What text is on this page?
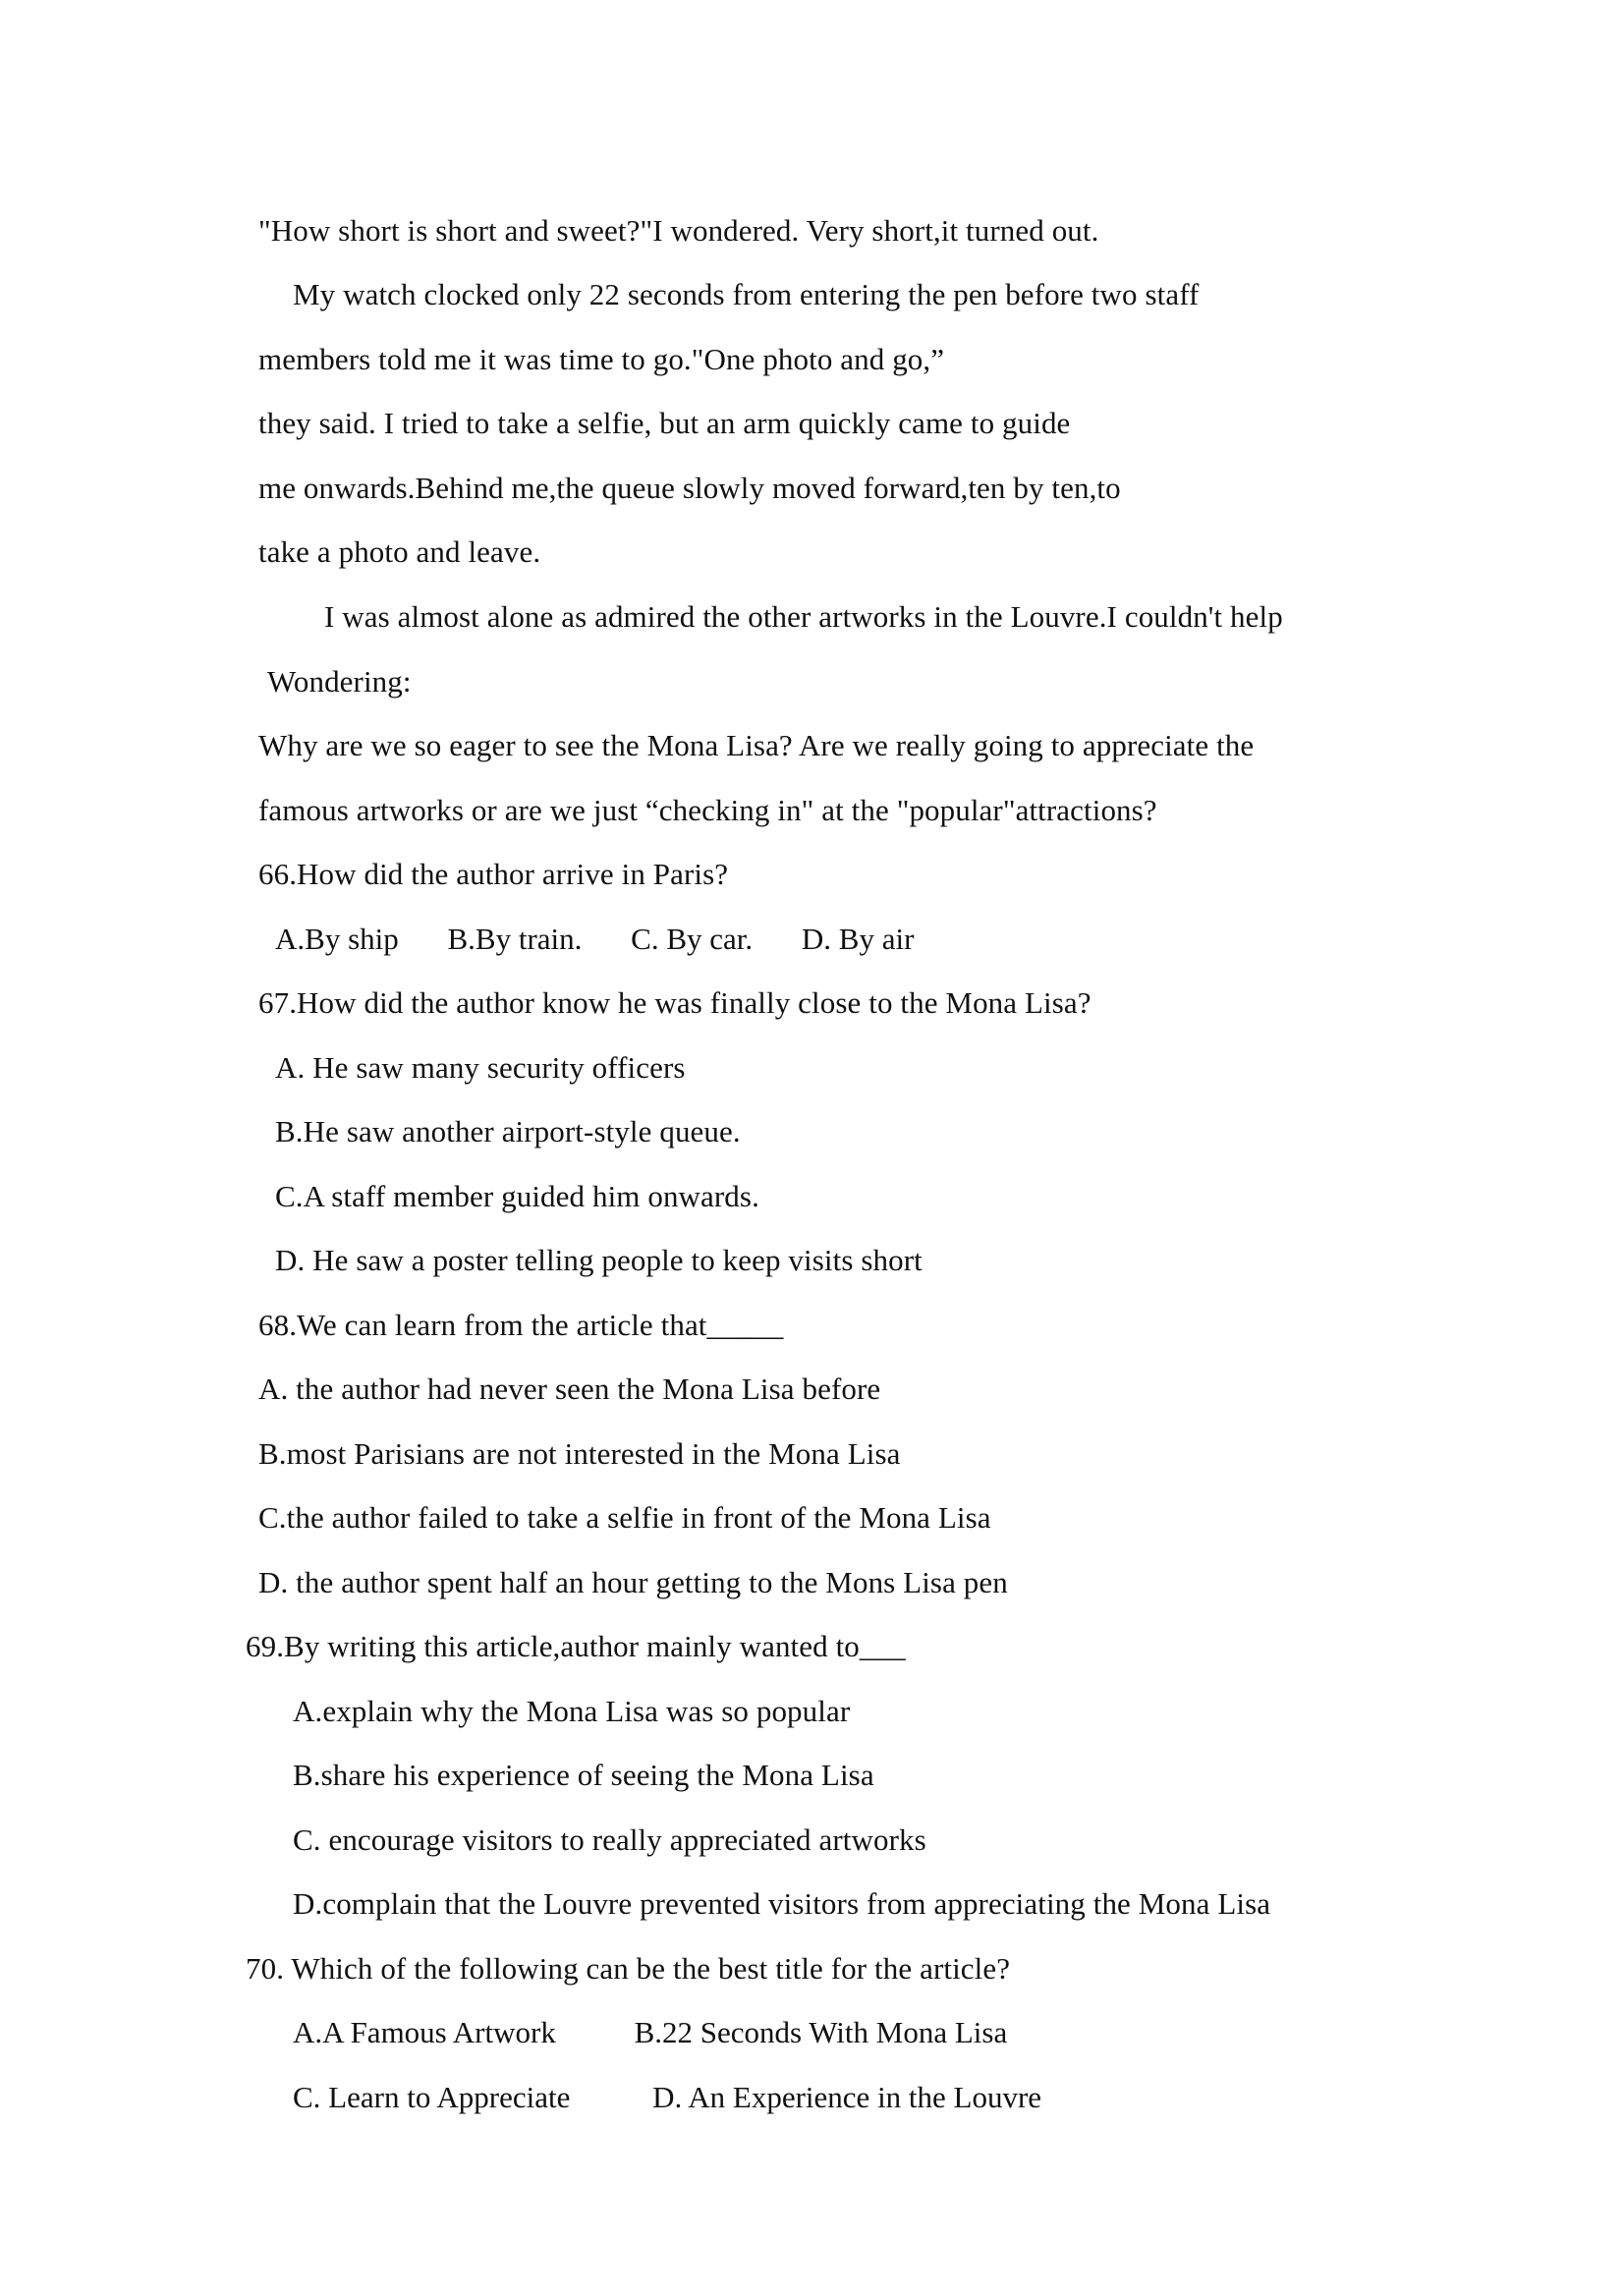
"How short is short and sweet?"I wondered. Very short,it turned out.
My watch clocked only 22 seconds from entering the pen before two staff
members told me it was time to go."One photo and go,”
they said. I tried to take a selfie, but an arm quickly came to guide
me onwards.Behind me,the queue slowly moved forward,ten by ten,to
take a photo and leave.
I was almost alone as admired the other artworks in the Louvre.I couldn't help
Wondering:
Why are we so eager to see the Mona Lisa? Are we really going to appreciate the
famous artworks or are we just “checking in" at the "popular"attractions?
66.How did the author arrive in Paris?
A.By ship B.By train. C. By car. D. By air
67.How did the author know he was finally close to the Mona Lisa?
A. He saw many security officers
B.He saw another airport-style queue.
C.A staff member guided him onwards.
D. He saw a poster telling people to keep visits short
68.We can learn from the article that_____
A. the author had never seen the Mona Lisa before
B.most Parisians are not interested in the Mona Lisa
C.the author failed to take a selfie in front of the Mona Lisa
D. the author spent half an hour getting to the Mons Lisa pen
69.By writing this article,author mainly wanted to___
A.explain why the Mona Lisa was so popular
B.share his experience of seeing the Mona Lisa
C. encourage visitors to really appreciated artworks
D.complain that the Louvre prevented visitors from appreciating the Mona Lisa
70. Which of the following can be the best title for the article?
A.A Famous Artwork	B.22 Seconds With Mona Lisa
C. Learn to Appreciate	D. An Experience in the Louvre
